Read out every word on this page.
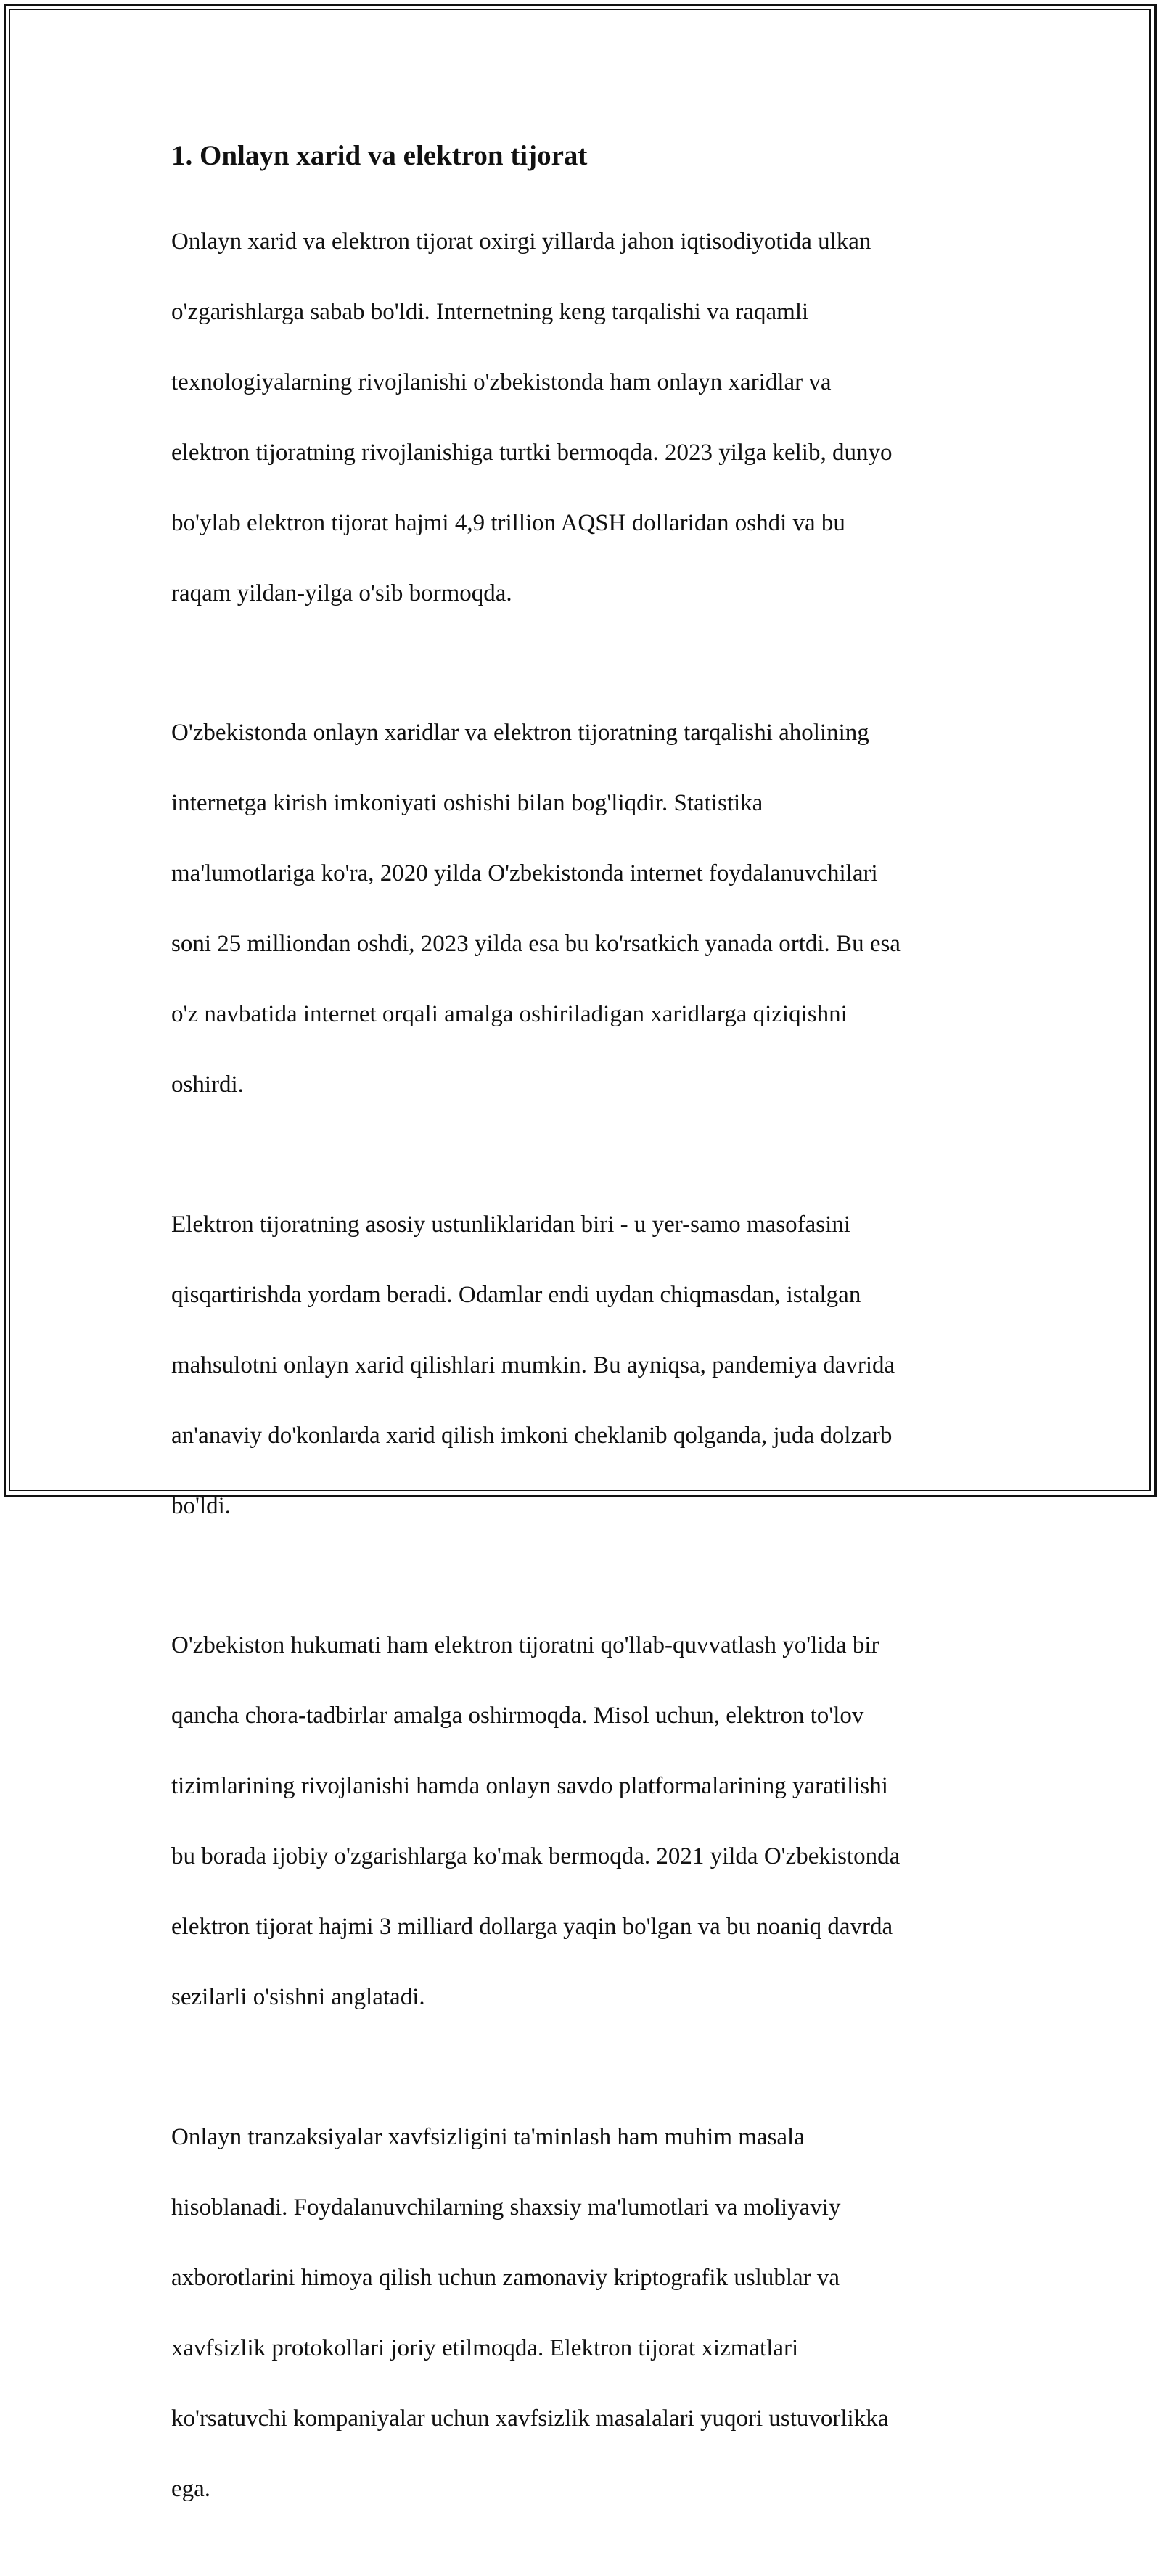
1. Onlayn xarid va elektron tijorat

Onlayn xarid va elektron tijorat oxirgi yillarda jahon iqtisodiyotida ulkan

o'zgarishlarga sabab bo'ldi. Internetning keng tarqalishi va raqamli

texnologiyalarning rivojlanishi o'zbekistonda ham onlayn xaridlar va

elektron tijoratning rivojlanishiga turtki bermoqda. 2023 yilga kelib, dunyo

bo'ylab elektron tijorat hajmi 4,9 trillion AQSH dollaridan oshdi va bu

raqam yildan-yilga o'sib bormoqda.

O'zbekistonda onlayn xaridlar va elektron tijoratning tarqalishi aholining

internetga kirish imkoniyati oshishi bilan bog'liqdir. Statistika

ma'lumotlariga ko'ra, 2020 yilda O'zbekistonda internet foydalanuvchilari

soni 25 milliondan oshdi, 2023 yilda esa bu ko'rsatkich yanada ortdi. Bu esa

o'z navbatida internet orqali amalga oshiriladigan xaridlarga qiziqishni

oshirdi.

Elektron tijoratning asosiy ustunliklaridan biri - u yer-samo masofasini

qisqartirishda yordam beradi. Odamlar endi uydan chiqmasdan, istalgan

mahsulotni onlayn xarid qilishlari mumkin. Bu ayniqsa, pandemiya davrida

an'anaviy do'konlarda xarid qilish imkoni cheklanib qolganda, juda dolzarb

bo'ldi.

O'zbekiston hukumati ham elektron tijoratni qo'llab-quvvatlash yo'lida bir

qancha chora-tadbirlar amalga oshirmoqda. Misol uchun, elektron to'lov

tizimlarining rivojlanishi hamda onlayn savdo platformalarining yaratilishi

bu borada ijobiy o'zgarishlarga ko'mak bermoqda. 2021 yilda O'zbekistonda

elektron tijorat hajmi 3 milliard dollarga yaqin bo'lgan va bu noaniq davrda

sezilarli o'sishni anglatadi.

Onlayn tranzaksiyalar xavfsizligini ta'minlash ham muhim masala

hisoblanadi. Foydalanuvchilarning shaxsiy ma'lumotlari va moliyaviy

axborotlarini himoya qilish uchun zamonaviy kriptografik uslublar va

xavfsizlik protokollari joriy etilmoqda. Elektron tijorat xizmatlari

ko'rsatuvchi kompaniyalar uchun xavfsizlik masalalari yuqori ustuvorlikka

ega.
